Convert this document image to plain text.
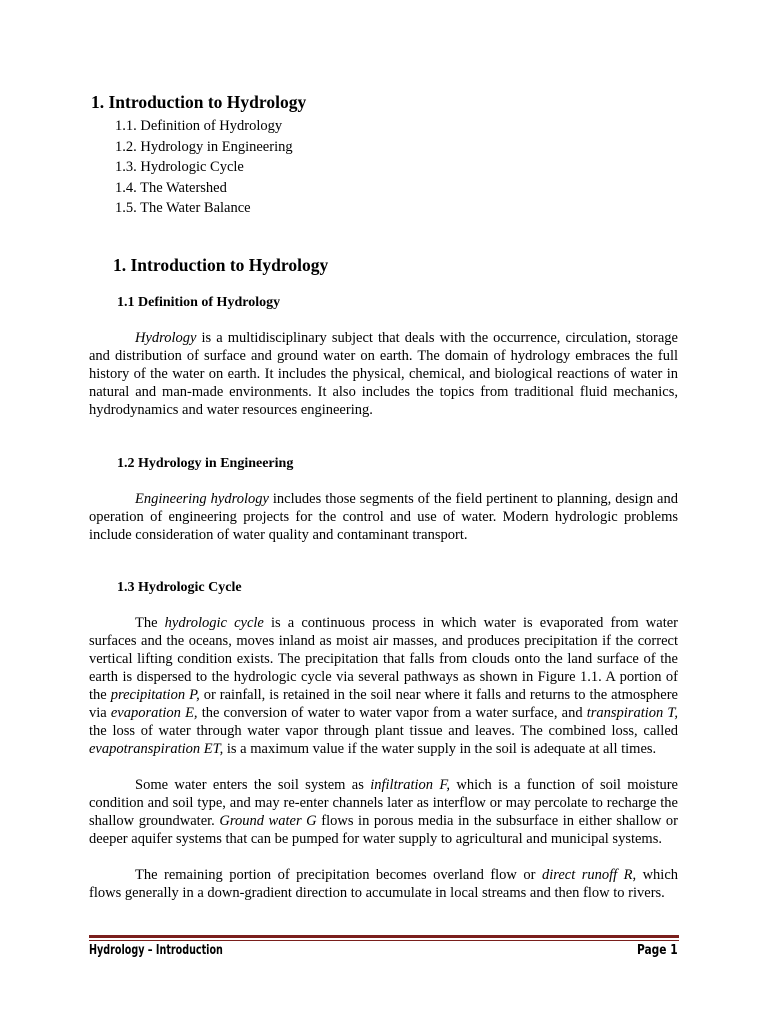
1. Introduction to Hydrology
1.1. Definition of Hydrology
1.2. Hydrology in Engineering
1.3. Hydrologic Cycle
1.4. The Watershed
1.5. The Water Balance
1. Introduction to Hydrology
1.1 Definition of Hydrology

Hydrology is a multidisciplinary subject that deals with the occurrence, circulation, storage and distribution of surface and ground water on earth. The domain of hydrology embraces the full history of the water on earth. It includes the physical, chemical, and biological reactions of water in natural and man-made environments. It also includes the topics from traditional fluid mechanics, hydrodynamics and water resources engineering.

1.2 Hydrology in Engineering

Engineering hydrology includes those segments of the field pertinent to planning, design and operation of engineering projects for the control and use of water. Modern hydrologic problems include consideration of water quality and contaminant transport.

1.3 Hydrologic Cycle

The hydrologic cycle is a continuous process in which water is evaporated from water surfaces and the oceans, moves inland as moist air masses, and produces precipitation if the correct vertical lifting condition exists. The precipitation that falls from clouds onto the land surface of the earth is dispersed to the hydrologic cycle via several pathways as shown in Figure 1.1. A portion of the precipitation P, or rainfall, is retained in the soil near where it falls and returns to the atmosphere via evaporation E, the conversion of water to water vapor from a water surface, and transpiration T, the loss of water through water vapor through plant tissue and leaves. The combined loss, called evapotranspiration ET, is a maximum value if the water supply in the soil is adequate at all times.

Some water enters the soil system as infiltration F, which is a function of soil moisture condition and soil type, and may re-enter channels later as interflow or may percolate to recharge the shallow groundwater. Ground water G flows in porous media in the subsurface in either shallow or deeper aquifer systems that can be pumped for water supply to agricultural and municipal systems.

The remaining portion of precipitation becomes overland flow or direct runoff R, which flows generally in a down-gradient direction to accumulate in local streams and then flow to rivers.

Hydrology – Introduction	Page 1
